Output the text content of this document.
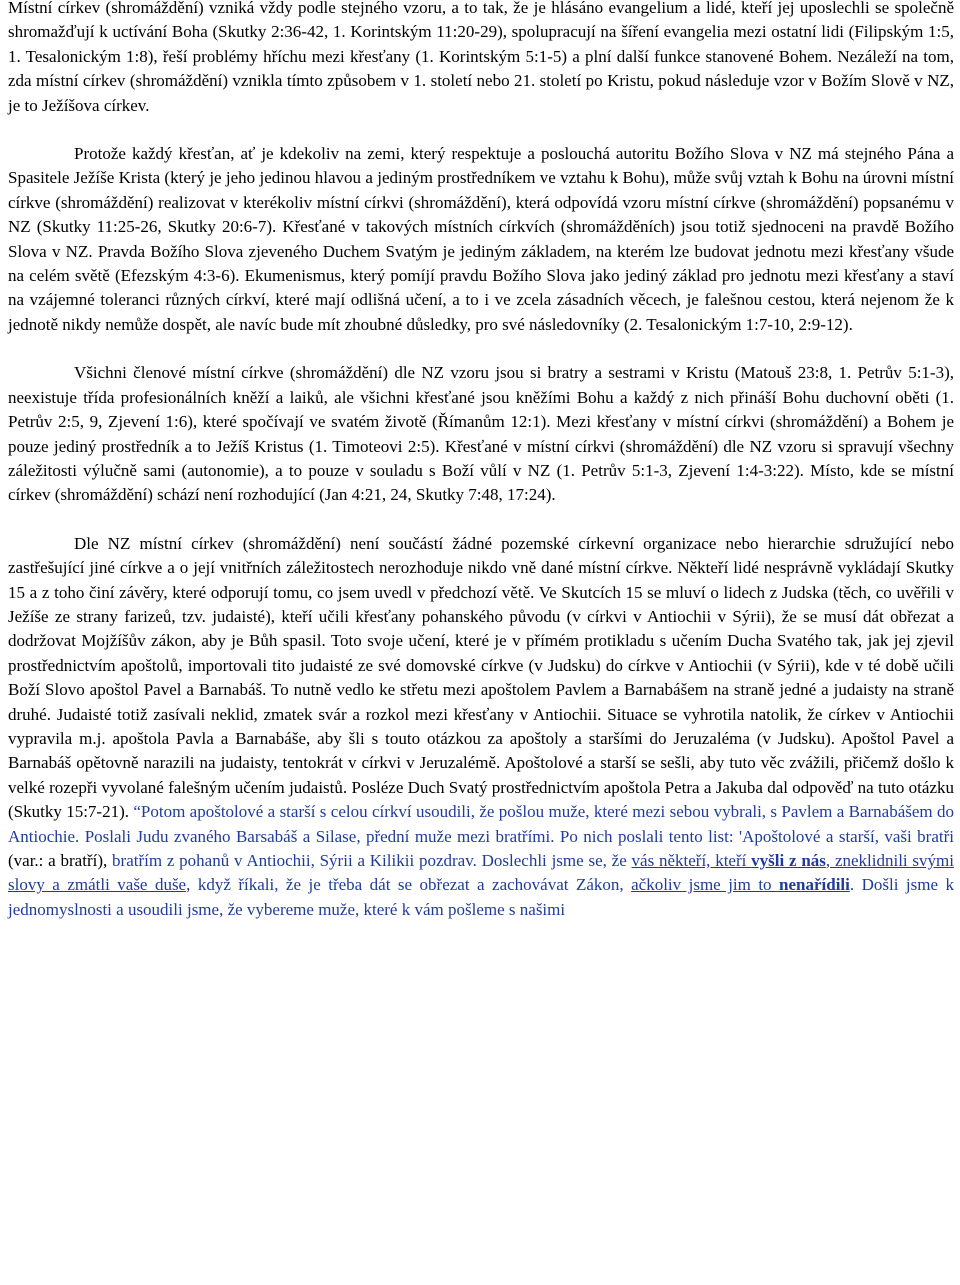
Místní církev (shromáždění) vzniká vždy podle stejného vzoru, a to tak, že je hlásáno evangelium a lidé, kteří jej uposlechli se společně shromažďují k uctívání Boha (Skutky 2:36-42, 1. Korintským 11:20-29), spolupracují na šíření evangelia mezi ostatní lidi (Filipským 1:5, 1. Tesalonickým 1:8), řeší problémy hříchu mezi křesťany (1. Korintským 5:1-5) a plní další funkce stanovené Bohem. Nezáleží na tom, zda místní církev (shromáždění) vznikla tímto způsobem v 1. století nebo 21. století po Kristu, pokud následuje vzor v Božím Slově v NZ, je to Ježíšova církev.

Protože každý křesťan, ať je kdekoliv na zemi, který respektuje a poslouchá autoritu Božího Slova v NZ má stejného Pána a Spasitele Ježíše Krista (který je jeho jedinou hlavou a jediným prostředníkem ve vztahu k Bohu), může svůj vztah k Bohu na úrovni místní církve (shromáždění) realizovat v kterékoliv místní církvi (shromáždění), která odpovídá vzoru místní církve (shromáždění) popsanému v NZ (Skutky 11:25-26, Skutky 20:6-7). Křesťané v takových místních církvích (shromážděních) jsou totiž sjednoceni na pravdě Božího Slova v NZ. Pravda Božího Slova zjeveného Duchem Svatým je jediným základem, na kterém lze budovat jednotu mezi křesťany všude na celém světě (Efezským 4:3-6). Ekumenismus, který pomíjí pravdu Božího Slova jako jediný základ pro jednotu mezi křesťany a staví na vzájemné toleranci různých církví, které mají odlišná učení, a to i ve zcela zásadních věcech, je falešnou cestou, která nejenom že k jednotě nikdy nemůže dospět, ale navíc bude mít zhoubné důsledky, pro své následovníky (2. Tesalonickým 1:7-10, 2:9-12).

Všichni členové místní církve (shromáždění) dle NZ vzoru jsou si bratry a sestrami v Kristu (Matouš 23:8, 1. Petrův 5:1-3), neexistuje třída profesionálních kněží a laiků, ale všichni křesťané jsou kněžími Bohu a každý z nich přináší Bohu duchovní oběti (1. Petrův 2:5, 9, Zjevení 1:6), které spočívají ve svatém životě (Římanům 12:1). Mezi křesťany v místní církvi (shromáždění) a Bohem je pouze jediný prostředník a to Ježíš Kristus (1. Timoteovi 2:5). Křesťané v místní církvi (shromáždění) dle NZ vzoru si spravují všechny záležitosti výlučně sami (autonomie), a to pouze v souladu s Boží vůlí v NZ (1. Petrův 5:1-3, Zjevení 1:4-3:22). Místo, kde se místní církev (shromáždění) schází není rozhodující (Jan 4:21, 24, Skutky 7:48, 17:24).

Dle NZ místní církev (shromáždění) není součástí žádné pozemské církevní organizace nebo hierarchie sdružující nebo zastřešující jiné církve a o její vnitřních záležitostech nerozhoduje nikdo vně dané místní církve. Někteří lidé nesprávně vykládají Skutky 15 a z toho činí závěry, které odporují tomu, co jsem uvedl v předchozí větě. Ve Skutcích 15 se mluví o lidech z Judska (těch, co uvěřili v Ježíše ze strany farizeů, tzv. judaisté), kteří učili křesťany pohanského původu (v církvi v Antiochii v Sýrii), že se musí dát obřezat a dodržovat Mojžíšův zákon, aby je Bůh spasil. Toto svoje učení, které je v přímém protikladu s učením Ducha Svatého tak, jak jej zjevil prostřednictvím apoštolů, importovali tito judaisté ze své domovské církve (v Judsku) do církve v Antiochii (v Sýrii), kde v té době učili Boží Slovo apoštol Pavel a Barnabáš. To nutně vedlo ke střetu mezi apoštolem Pavlem a Barnabášem na straně jedné a judaisty na straně druhé. Judaisté totiž zasívali neklid, zmatek svár a rozkol mezi křesťany v Antiochii. Situace se vyhrotila natolik, že církev v Antiochii vypravila m.j. apoštola Pavla a Barnabáše, aby šli s touto otázkou za apoštoly a staršími do Jeruzaléma (v Judsku). Apoštol Pavel a Barnabáš opětovně narazili na judaisty, tentokrát v církvi v Jeruzalémě. Apoštolové a starší se sešli, aby tuto věc zvážili, přičemž došlo k velké rozepři vyvolané falešným učením judaistů. Posléze Duch Svatý prostřednictvím apoštola Petra a Jakuba dal odpověď na tuto otázku (Skutky 15:7-21). “Potom apoštolové a starší s celou církví usoudili, že pošlou muže, které mezi sebou vybrali, s Pavlem a Barnabášem do Antiochie. Poslali Judu zvaného Barsabáš a Silase, přední muže mezi bratřími. Po nich poslali tento list: 'Apoštolové a starší, vaši bratři (var.: a bratří), bratřím z pohanů v Antiochii, Sýrii a Kilikii pozdrav. Doslechli jsme se, že vás někteří, kteří vyšli z nás, zneklidnili svými slovy a zmátli vaše duše, když říkali, že je třeba dát se obřezat a zachovávat Zákon, ačkoliv jsme jim to nenařídili. Došli jsme k jednomyslnosti a usoudili jsme, že vybereme muže, které k vám pošleme s našimi
